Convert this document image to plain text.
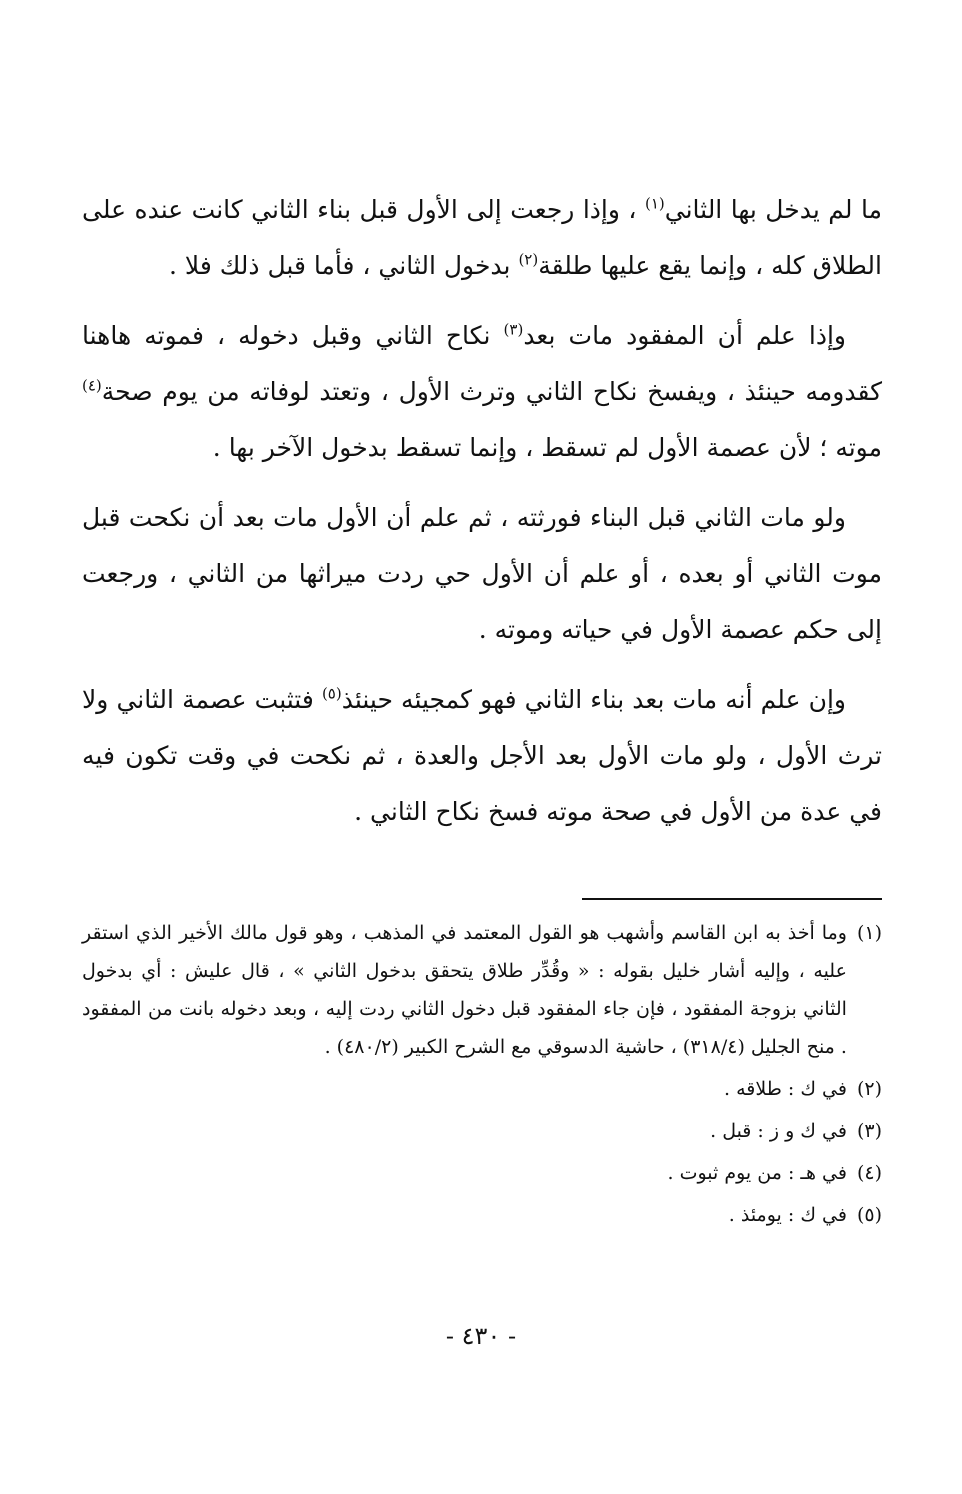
ما لم يدخل بها الثاني$^{(١)}$ ، وإذا رجعت إلى الأول قبل بناء الثاني كانت عنده على الطلاق كله ، وإنما يقع عليها طلقة$^{(٢)}$ بدخول الثاني ، فأما قبل ذلك فلا .

وإذا علم أن المفقود مات بعد$^{(٣)}$ نكاح الثاني وقبل دخوله ، فموته هاهنا كقدومه حينئذ ، ويفسخ نكاح الثاني وترث الأول ، وتعتد لوفاته من يوم صحة$^{(٤)}$ موته ؛ لأن عصمة الأول لم تسقط ، وإنما تسقط بدخول الآخر بها .

ولو مات الثاني قبل البناء فورثته ، ثم علم أن الأول مات بعد أن نكحت قبل موت الثاني أو بعده ، أو علم أن الأول حي ردت ميراثها من الثاني ، ورجعت إلى حكم عصمة الأول في حياته وموته .

وإن علم أنه مات بعد بناء الثاني فهو كمجيئه حينئذ$^{(٥)}$ فتثبت عصمة الثاني ولا ترث الأول ، ولو مات الأول بعد الأجل والعدة ، ثم نكحت في وقت تكون فيه في عدة من الأول في صحة موته فسخ نكاح الثاني .

(١)
وما أخذ به ابن القاسم وأشهب هو القول المعتمد في المذهب ، وهو قول مالك الأخير الذي استقر عليه ، وإليه أشار خليل بقوله : « وقُدِّر طلاق يتحقق بدخول الثاني » ، قال عليش : أي بدخول الثاني بزوجة المفقود ، فإن جاء المفقود قبل دخول الثاني ردت إليه ، وبعد دخوله بانت من المفقود . منح الجليل (٣١٨/٤) ، حاشية الدسوقي مع الشرح الكبير (٤٨٠/٢) .
(٢)
في ك : طلاقه .
(٣)
في ك و ز : قبل .
(٤)
في هـ : من يوم ثبوت .
(٥)
في ك : يومئذ .
- ٤٣٠ -
